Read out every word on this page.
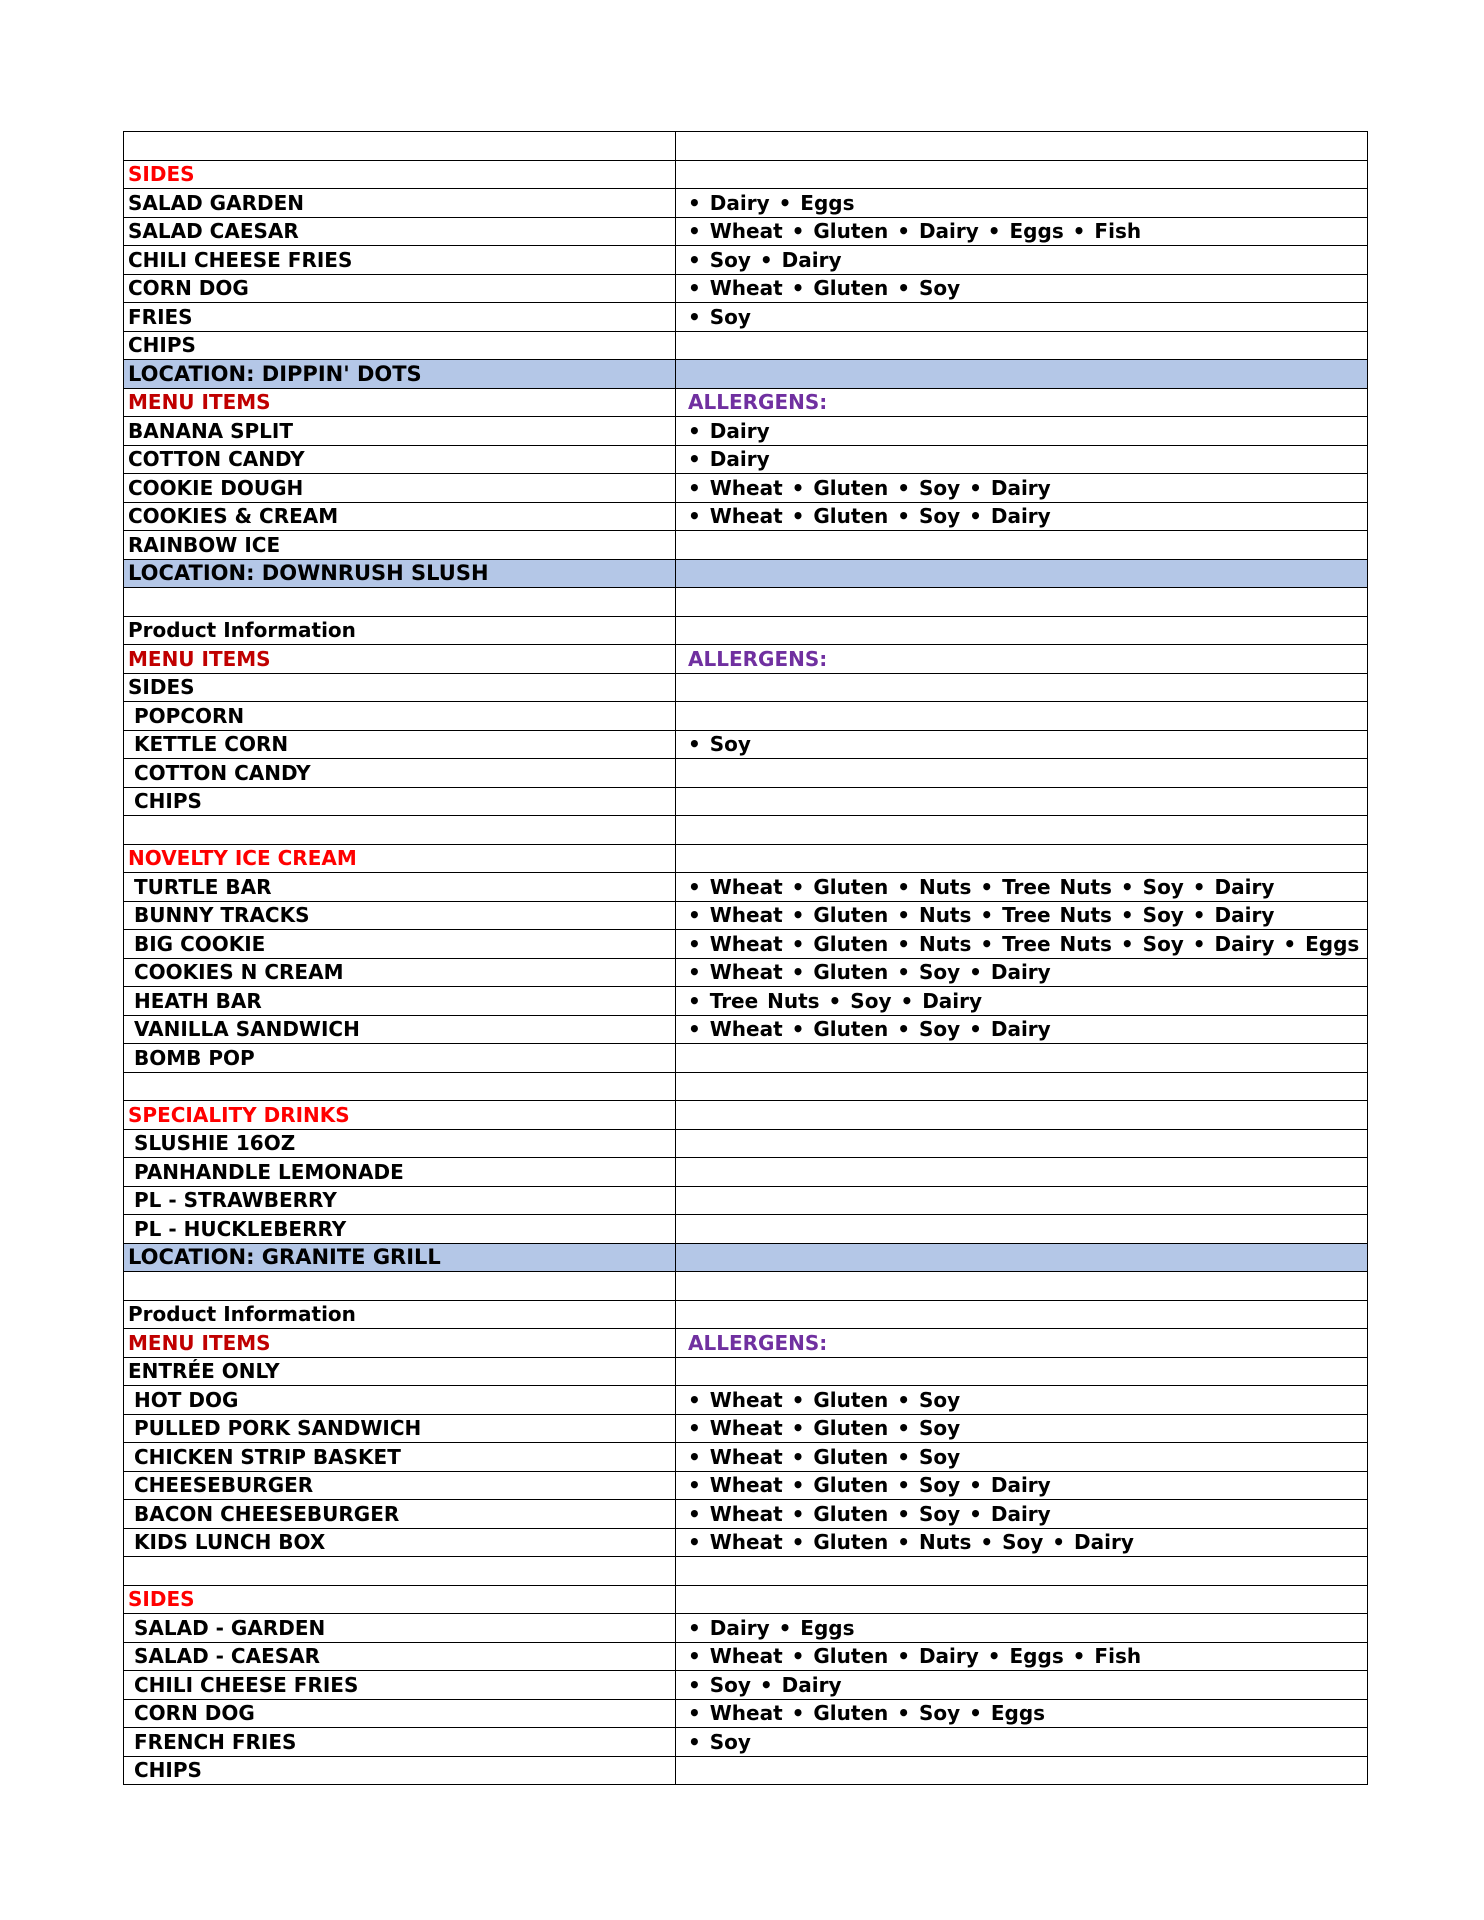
SIDES	
SALAD GARDEN	• Dairy • Eggs
SALAD CAESAR	• Wheat • Gluten • Dairy • Eggs • Fish
CHILI CHEESE FRIES	• Soy • Dairy
CORN DOG	• Wheat • Gluten • Soy
FRIES	• Soy
CHIPS	
LOCATION: DIPPIN' DOTS	
MENU ITEMS	ALLERGENS:
BANANA SPLIT	• Dairy
COTTON CANDY	• Dairy
COOKIE DOUGH	• Wheat • Gluten • Soy • Dairy
COOKIES & CREAM	• Wheat • Gluten • Soy • Dairy
RAINBOW ICE	
LOCATION: DOWNRUSH SLUSH	

Product Information	
MENU ITEMS	ALLERGENS:
SIDES	
POPCORN	
KETTLE CORN	• Soy
COTTON CANDY	
CHIPS	

NOVELTY ICE CREAM	
TURTLE BAR	• Wheat • Gluten • Nuts • Tree Nuts • Soy • Dairy
BUNNY TRACKS	• Wheat • Gluten • Nuts • Tree Nuts • Soy • Dairy
BIG COOKIE	• Wheat • Gluten • Nuts • Tree Nuts • Soy • Dairy • Eggs
COOKIES N CREAM	• Wheat • Gluten • Soy • Dairy
HEATH BAR	• Tree Nuts • Soy • Dairy
VANILLA SANDWICH	• Wheat • Gluten • Soy • Dairy
BOMB POP	

SPECIALITY DRINKS	
SLUSHIE 16OZ	
PANHANDLE LEMONADE	
PL - STRAWBERRY	
PL - HUCKLEBERRY	
LOCATION: GRANITE GRILL	

Product Information	
MENU ITEMS	ALLERGENS:
ENTRÉE ONLY	
HOT DOG	• Wheat • Gluten • Soy
PULLED PORK SANDWICH	• Wheat • Gluten • Soy
CHICKEN STRIP BASKET	• Wheat • Gluten • Soy
CHEESEBURGER	• Wheat • Gluten • Soy • Dairy
BACON CHEESEBURGER	• Wheat • Gluten • Soy • Dairy
KIDS LUNCH BOX	• Wheat • Gluten • Nuts • Soy • Dairy

SIDES	
SALAD - GARDEN	• Dairy • Eggs
SALAD - CAESAR	• Wheat • Gluten • Dairy • Eggs • Fish
CHILI CHEESE FRIES	• Soy • Dairy
CORN DOG	• Wheat • Gluten • Soy • Eggs
FRENCH FRIES	• Soy
CHIPS	
